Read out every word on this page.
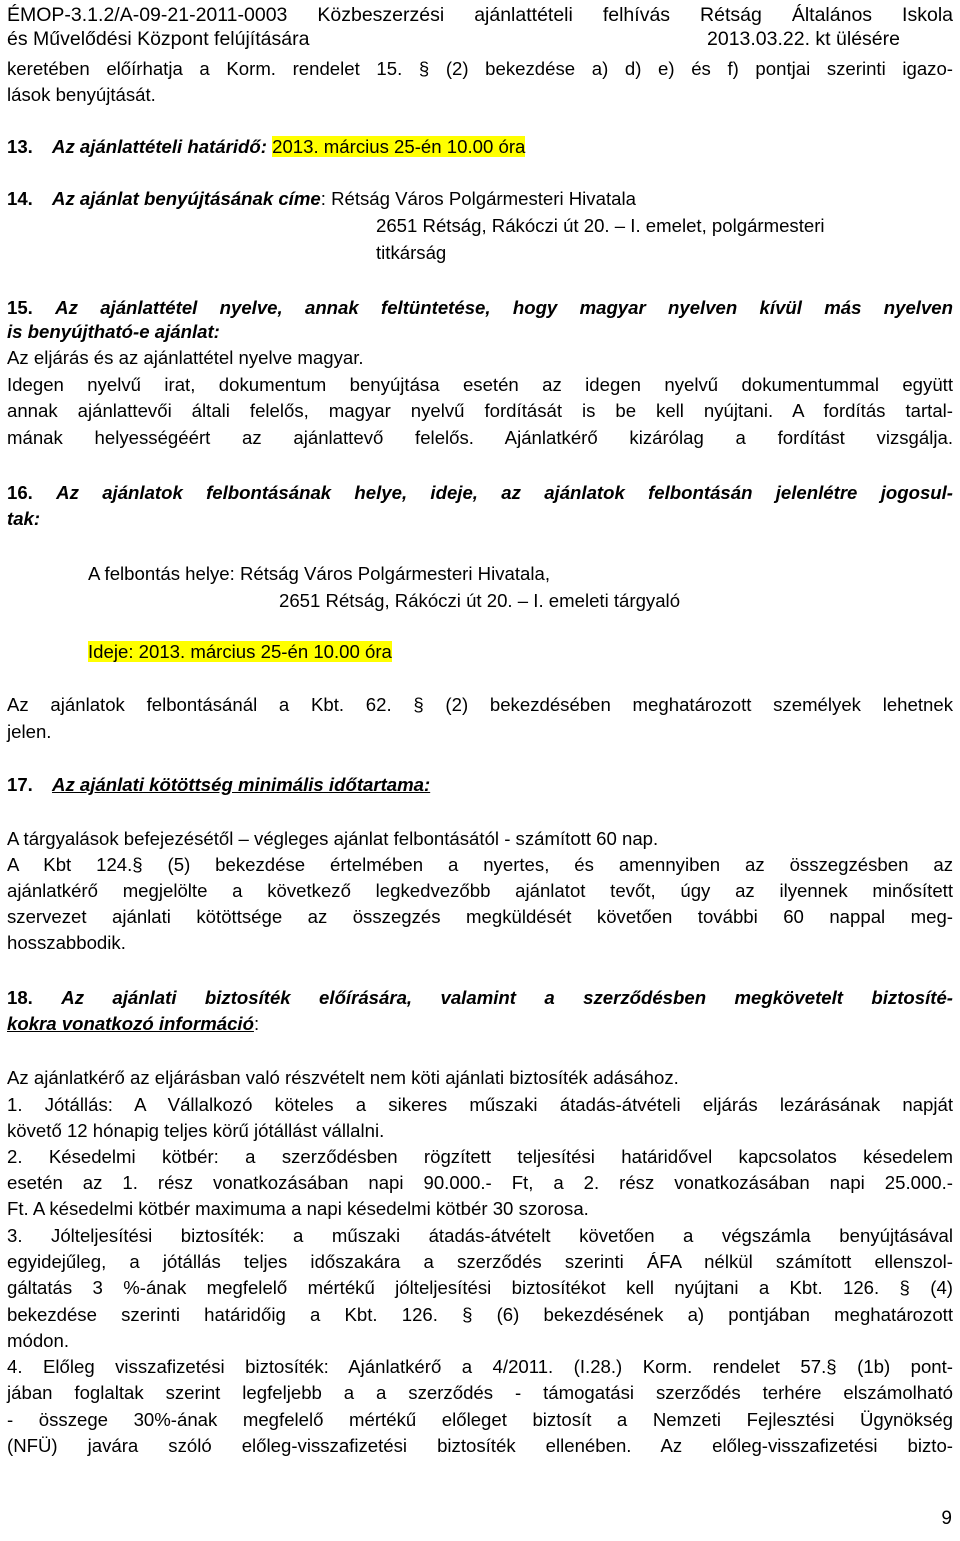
ÉMOP-3.1.2/A-09-21-2011-0003 Közbeszerzési ajánlattételi felhívás Rétság Általános Iskola
és Művelődési Központ felújítására	2013.03.22. kt ülésére
keretében előírhatja a Korm. rendelet 15. § (2) bekezdése a) d) e) és f) pontjai szerinti igazo-
lások benyújtását.
13. Az ajánlattételi határidő: 2013. március 25-én 10.00 óra
14. Az ajánlat benyújtásának címe: Rétság Város Polgármesteri Hivatala
2651 Rétság, Rákóczi út 20. – I. emelet, polgármesteri
titkárság
15. Az ajánlattétel nyelve, annak feltüntetése, hogy magyar nyelven kívül más nyelven
is benyújtható-e ajánlat:
Az eljárás és az ajánlattétel nyelve magyar.
Idegen nyelvű irat, dokumentum benyújtása esetén az idegen nyelvű dokumentummal együtt
annak ajánlattevői általi felelős, magyar nyelvű fordítását is be kell nyújtani. A fordítás tartal-
mának helyességéért az ajánlattevő felelős. Ajánlatkérő kizárólag a fordítást vizsgálja.
16. Az ajánlatok felbontásának helye, ideje, az ajánlatok felbontásán jelenlétre jogosul-
tak:
A felbontás helye: Rétság Város Polgármesteri Hivatala,
2651 Rétság, Rákóczi út 20. – I. emeleti tárgyaló
Ideje: 2013. március 25-én 10.00 óra
Az ajánlatok felbontásánál a Kbt. 62. § (2) bekezdésében meghatározott személyek lehetnek
jelen.
17. Az ajánlati kötöttség minimális időtartama:
A tárgyalások befejezésétől – végleges ajánlat felbontásától - számított 60 nap.
A Kbt 124.§ (5) bekezdése értelmében a nyertes, és amennyiben az összegzésben az
ajánlatkérő megjelölte a következő legkedvezőbb ajánlatot tevőt, úgy az ilyennek minősített
szervezet ajánlati kötöttsége az összegzés megküldését követően további 60 nappal meg-
hosszabbodik.
18. Az ajánlati biztosíték előírására, valamint a szerződésben megkövetelt biztosíté-
kokra vonatkozó információ:
Az ajánlatkérő az eljárásban való részvételt nem köti ajánlati biztosíték adásához.
1. Jótállás: A Vállalkozó köteles a sikeres műszaki átadás-átvételi eljárás lezárásának napját
követő 12 hónapig teljes körű jótállást vállalni.
2. Késedelmi kötbér: a szerződésben rögzített teljesítési határidővel kapcsolatos késedelem
esetén az 1. rész vonatkozásában napi 90.000.- Ft, a 2. rész vonatkozásában napi 25.000.-
Ft. A késedelmi kötbér maximuma a napi késedelmi kötbér 30 szorosa.
3. Jólteljesítési biztosíték: a műszaki átadás-átvételt követően a végszámla benyújtásával
egyidejűleg, a jótállás teljes időszakára a szerződés szerinti ÁFA nélkül számított ellenszol-
gáltatás 3 %-ának megfelelő mértékű jólteljesítési biztosítékot kell nyújtani a Kbt. 126. § (4)
bekezdése szerinti határidőig a Kbt. 126. § (6) bekezdésének a) pontjában meghatározott
módon.
4. Előleg visszafizetési biztosíték: Ajánlatkérő a 4/2011. (I.28.) Korm. rendelet 57.§ (1b) pont-
jában foglaltak szerint legfeljebb a a szerződés - támogatási szerződés terhére elszámolható
- összege 30%-ának megfelelő mértékű előleget biztosít a Nemzeti Fejlesztési Ügynökség
(NFÜ) javára szóló előleg-visszafizetési biztosíték ellenében. Az előleg-visszafizetési bizto-
9
